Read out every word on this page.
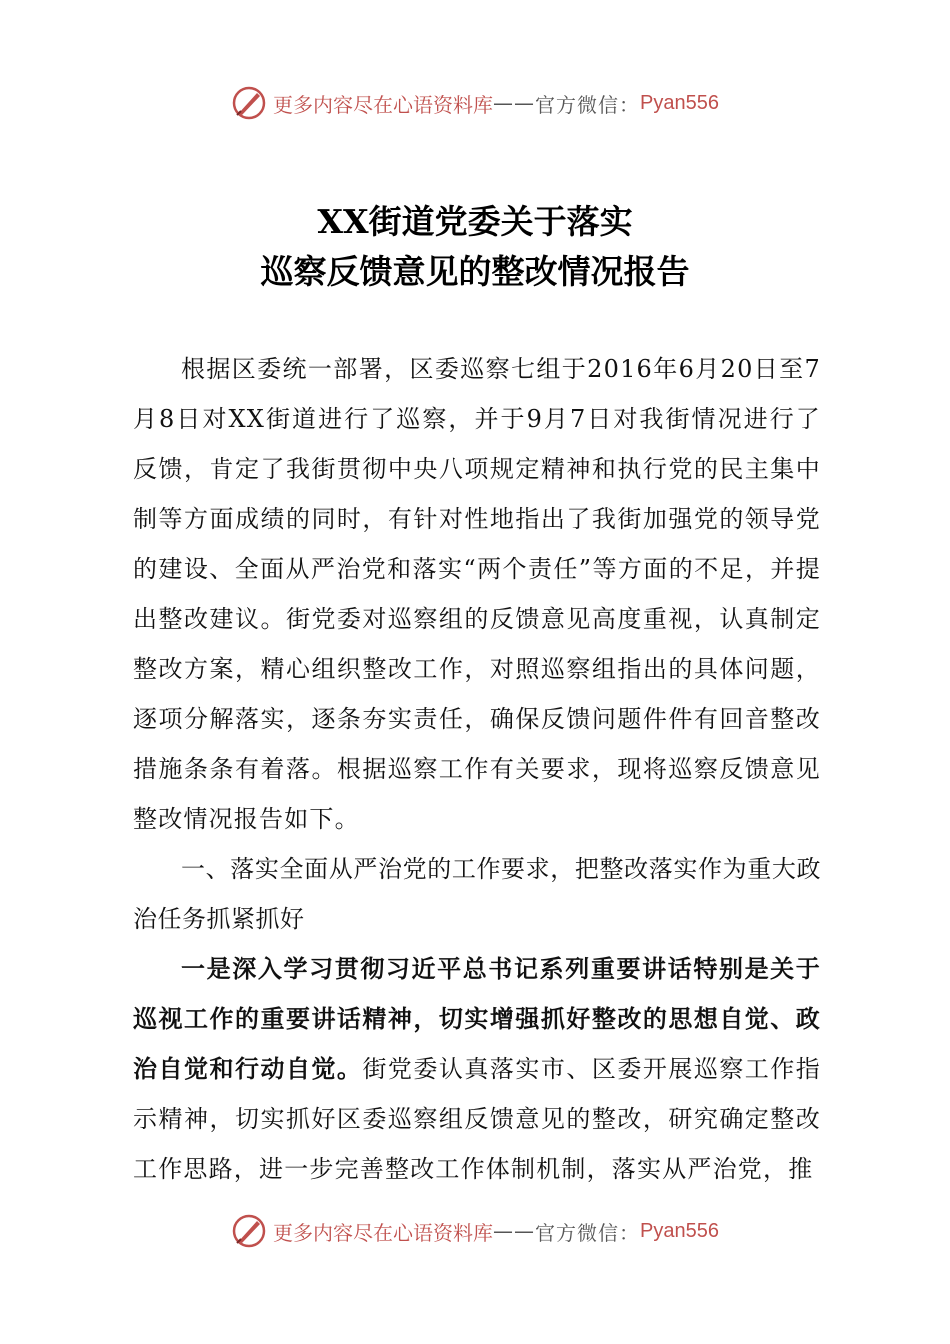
更多内容尽在心语资料库 —— 官方微信： Pyan556
XX街道党委关于落实
巡察反馈意见的整改情况报告

根据区委统一部署，区委巡察七组于2016年6月20日至7月8日对XX街道进行了巡察，并于9月7日对我街情况进行了反馈，肯定了我街贯彻中央八项规定精神和执行党的民主集中制等方面成绩的同时，有针对性地指出了我街加强党的领导党的建设、全面从严治党和落实“两个责任”等方面的不足，并提出整改建议。街党委对巡察组的反馈意见高度重视，认真制定整改方案，精心组织整改工作，对照巡察组指出的具体问题，逐项分解落实，逐条夯实责任，确保反馈问题件件有回音整改措施条条有着落。根据巡察工作有关要求，现将巡察反馈意见整改情况报告如下。

一、落实全面从严治党的工作要求，把整改落实作为重大政治任务抓紧抓好

一是深入学习贯彻习近平总书记系列重要讲话特别是关于巡视工作的重要讲话精神，切实增强抓好整改的思想自觉、政治自觉和行动自觉。街党委认真落实市、区委开展巡察工作指示精神，切实抓好区委巡察组反馈意见的整改，研究确定整改工作思路，进一步完善整改工作体制机制，落实从严治党，推

更多内容尽在心语资料库 —— 官方微信： Pyan556
